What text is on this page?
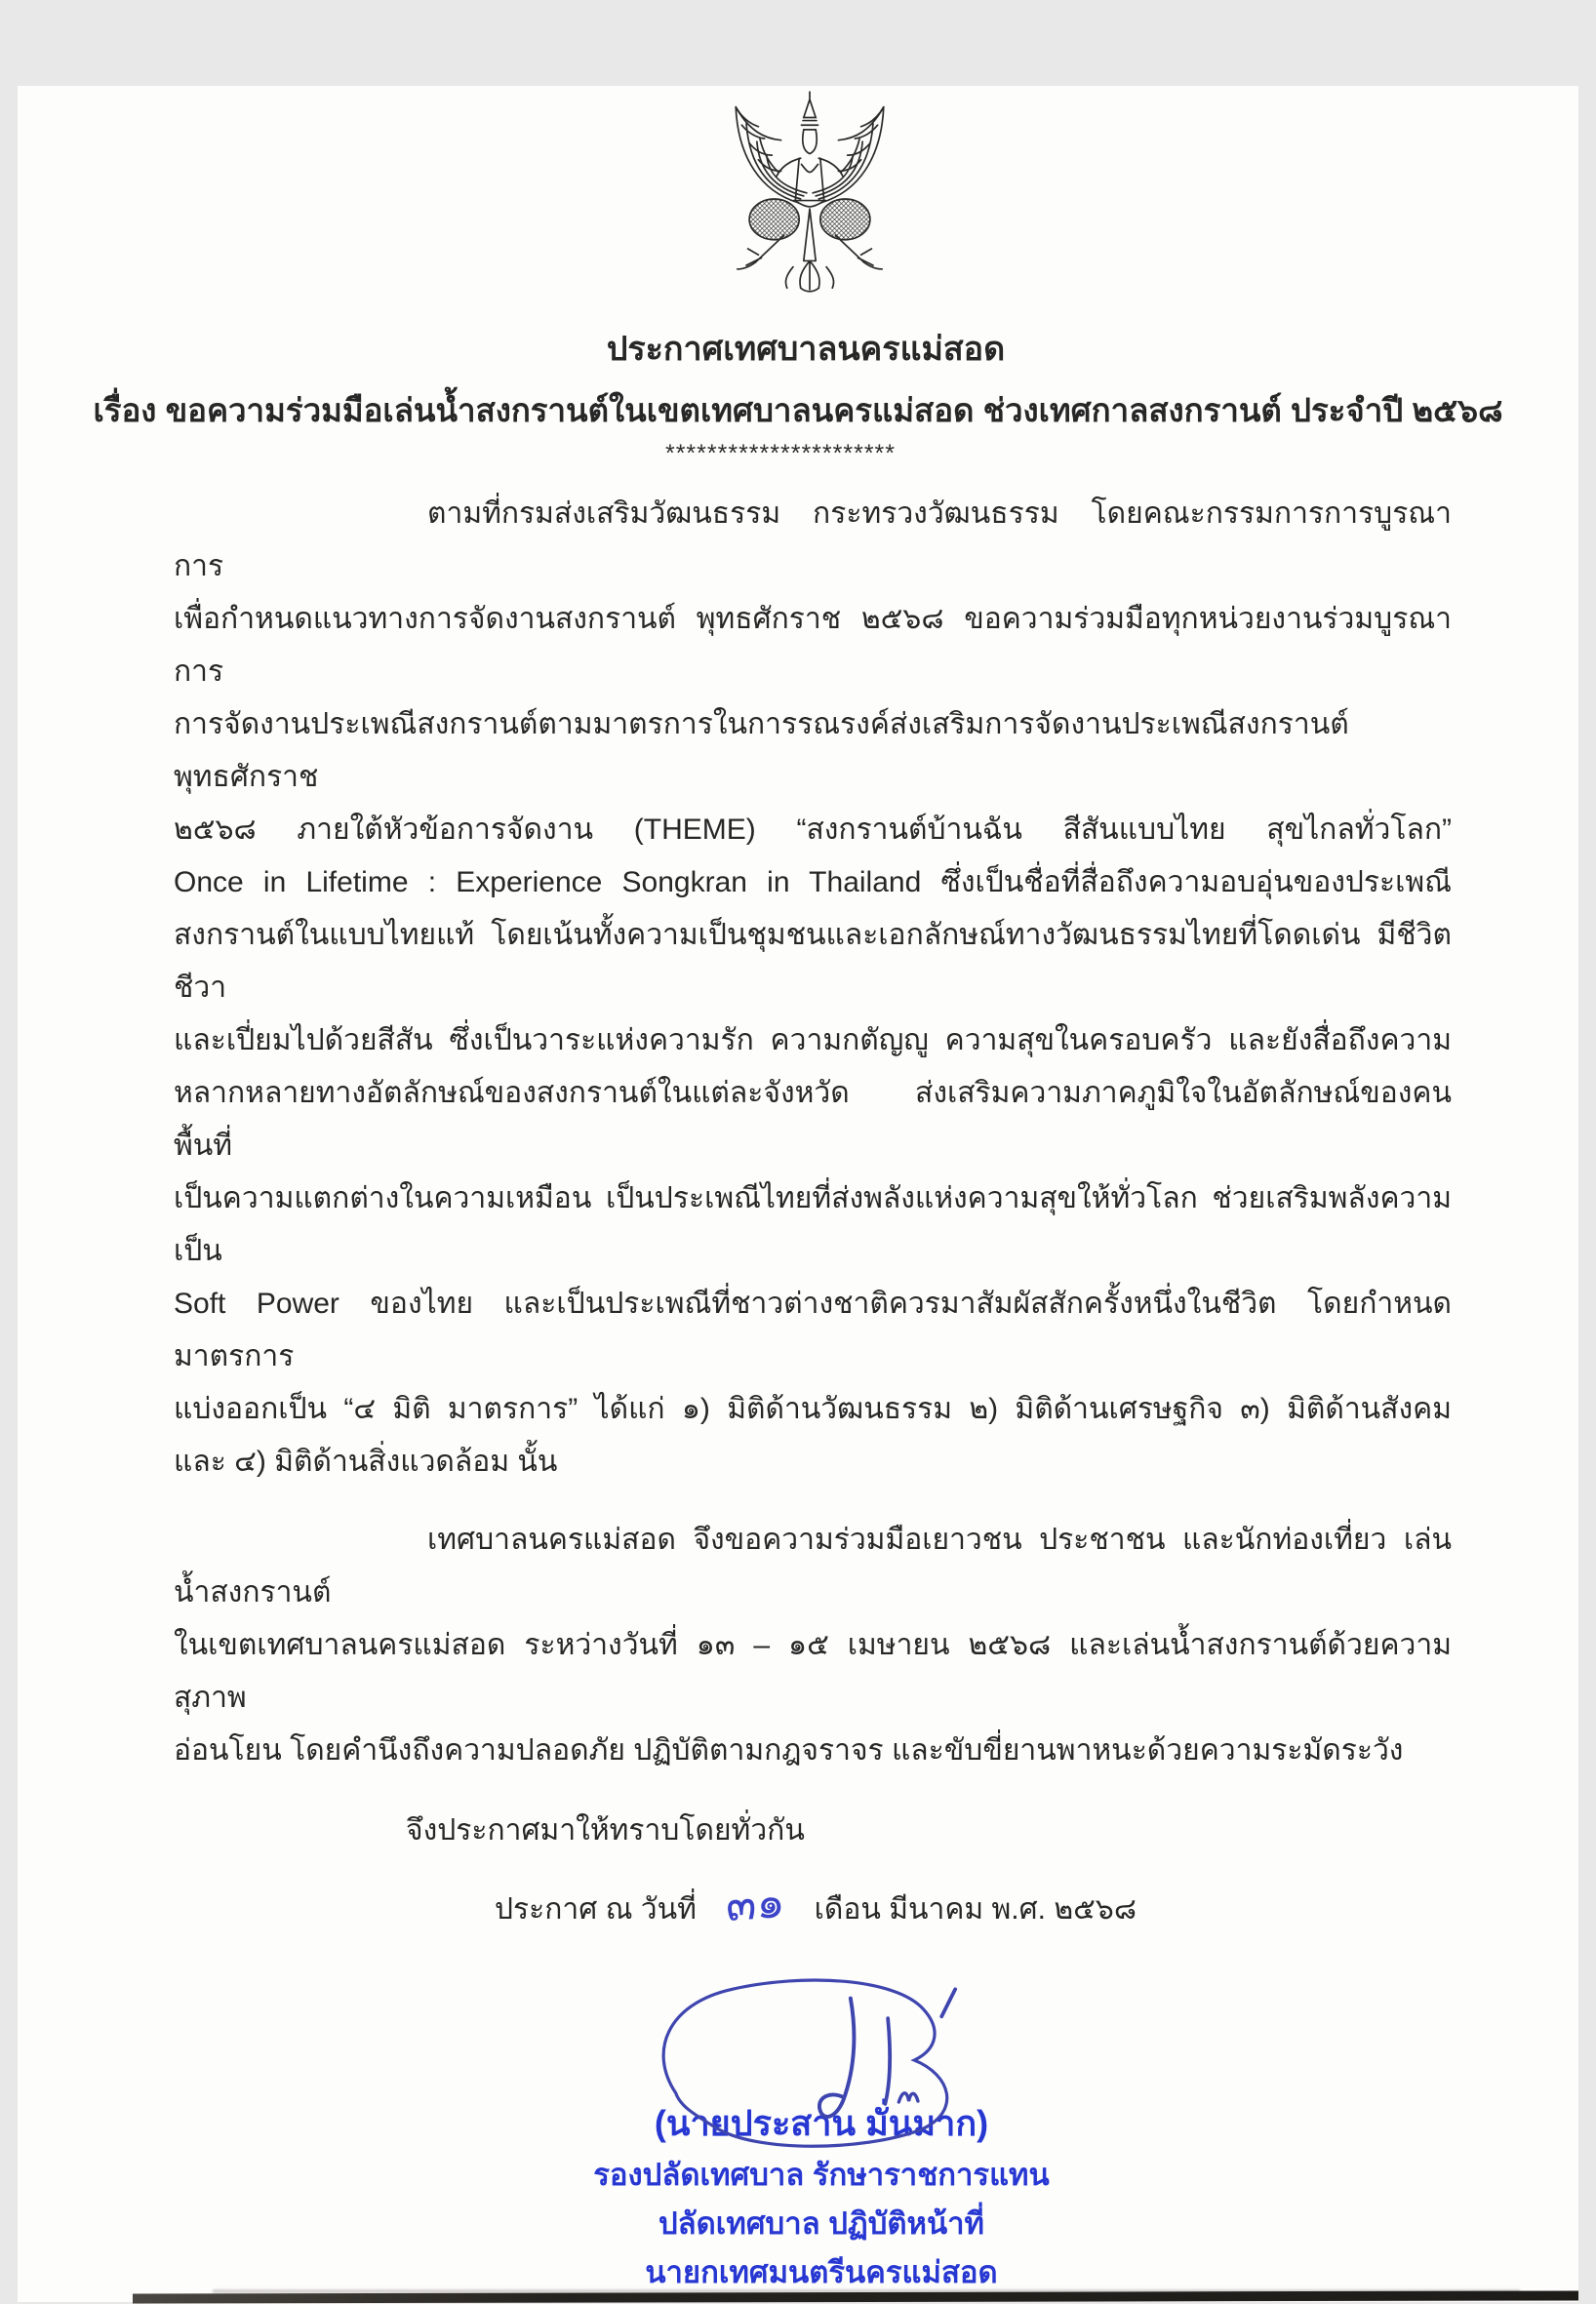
ประกาศเทศบาลนครแม่สอด
เรื่อง ขอความร่วมมือเล่นน้ำสงกรานต์ในเขตเทศบาลนครแม่สอด ช่วงเทศกาลสงกรานต์ ประจำปี ๒๕๖๘
**********************
ตามที่กรมส่งเสริมวัฒนธรรม กระทรวงวัฒนธรรม โดยคณะกรรมการการบูรณาการ
เพื่อกำหนดแนวทางการจัดงานสงกรานต์ พุทธศักราช ๒๕๖๘ ขอความร่วมมือทุกหน่วยงานร่วมบูรณาการ
การจัดงานประเพณีสงกรานต์ตามมาตรการในการรณรงค์ส่งเสริมการจัดงานประเพณีสงกรานต์ พุทธศักราช
๒๕๖๘ ภายใต้หัวข้อการจัดงาน (THEME) “สงกรานต์บ้านฉัน สีสันแบบไทย สุขไกลทั่วโลก”
Once in Lifetime : Experience Songkran in Thailand ซึ่งเป็นชื่อที่สื่อถึงความอบอุ่นของประเพณี
สงกรานต์ในแบบไทยแท้ โดยเน้นทั้งความเป็นชุมชนและเอกลักษณ์ทางวัฒนธรรมไทยที่โดดเด่น มีชีวิตชีวา
และเปี่ยมไปด้วยสีสัน ซึ่งเป็นวาระแห่งความรัก ความกตัญญู ความสุขในครอบครัว และยังสื่อถึงความ
หลากหลายทางอัตลักษณ์ของสงกรานต์ในแต่ละจังหวัด ส่งเสริมความภาคภูมิใจในอัตลักษณ์ของคนพื้นที่
เป็นความแตกต่างในความเหมือน เป็นประเพณีไทยที่ส่งพลังแห่งความสุขให้ทั่วโลก ช่วยเสริมพลังความเป็น
Soft Power ของไทย และเป็นประเพณีที่ชาวต่างชาติควรมาสัมผัสสักครั้งหนึ่งในชีวิต โดยกำหนดมาตรการ
แบ่งออกเป็น “๔ มิติ มาตรการ” ได้แก่ ๑) มิติด้านวัฒนธรรม ๒) มิติด้านเศรษฐกิจ ๓) มิติด้านสังคม
และ ๔) มิติด้านสิ่งแวดล้อม นั้น
เทศบาลนครแม่สอด จึงขอความร่วมมือเยาวชน ประชาชน และนักท่องเที่ยว เล่นน้ำสงกรานต์
ในเขตเทศบาลนครแม่สอด ระหว่างวันที่ ๑๓ – ๑๕ เมษายน ๒๕๖๘ และเล่นน้ำสงกรานต์ด้วยความสุภาพ
อ่อนโยน โดยคำนึงถึงความปลอดภัย ปฏิบัติตามกฎจราจร และขับขี่ยานพาหนะด้วยความระมัดระวัง
จึงประกาศมาให้ทราบโดยทั่วกัน
ประกาศ ณ วันที่ ๓๑ เดือน มีนาคม พ.ศ. ๒๕๖๘
(นายประสาน มั่นมาก)
รองปลัดเทศบาล รักษาราชการแทน
ปลัดเทศบาล ปฏิบัติหน้าที่
นายกเทศมนตรีนครแม่สอด
